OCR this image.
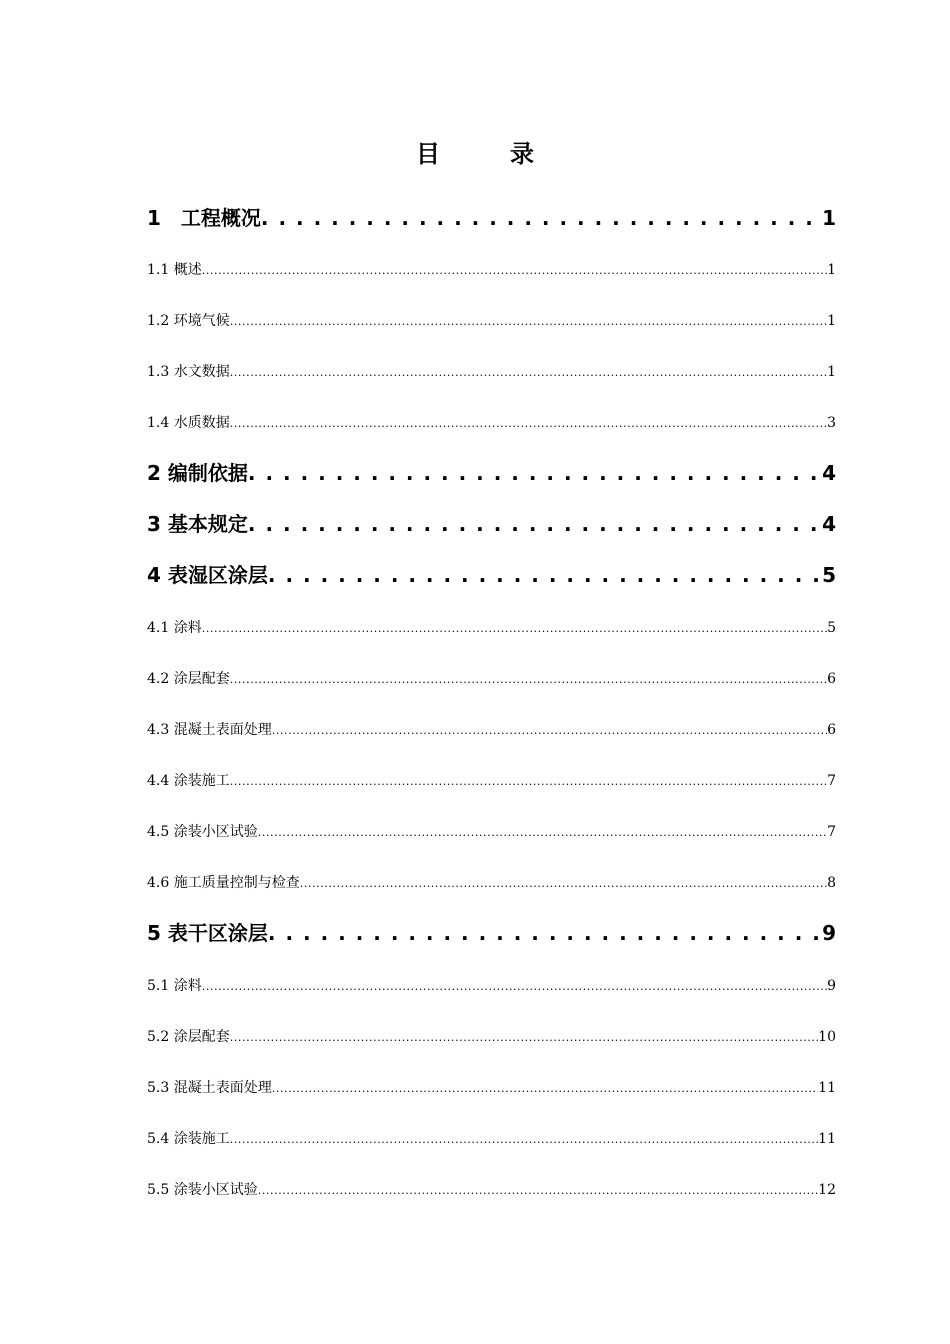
目	录
1　工程概况 . . .	1
1.1 概述 .....	1
1.2 环境气候 .....	1
1.3 水文数据 .....	1
1.4 水质数据 .....	3
2 编制依据 . . .	4
3 基本规定 . . .	4
4 表湿区涂层 . . .	5
4.1 涂料 .....	5
4.2 涂层配套 .....	6
4.3 混凝土表面处理 .....	6
4.4 涂装施工 .....	7
4.5 涂装小区试验 .....	7
4.6 施工质量控制与检查 .....	8
5 表干区涂层 . . .	9
5.1 涂料 .....	9
5.2 涂层配套 .....	10
5.3 混凝土表面处理 .....	11
5.4 涂装施工 .....	11
5.5 涂装小区试验 .....	12
